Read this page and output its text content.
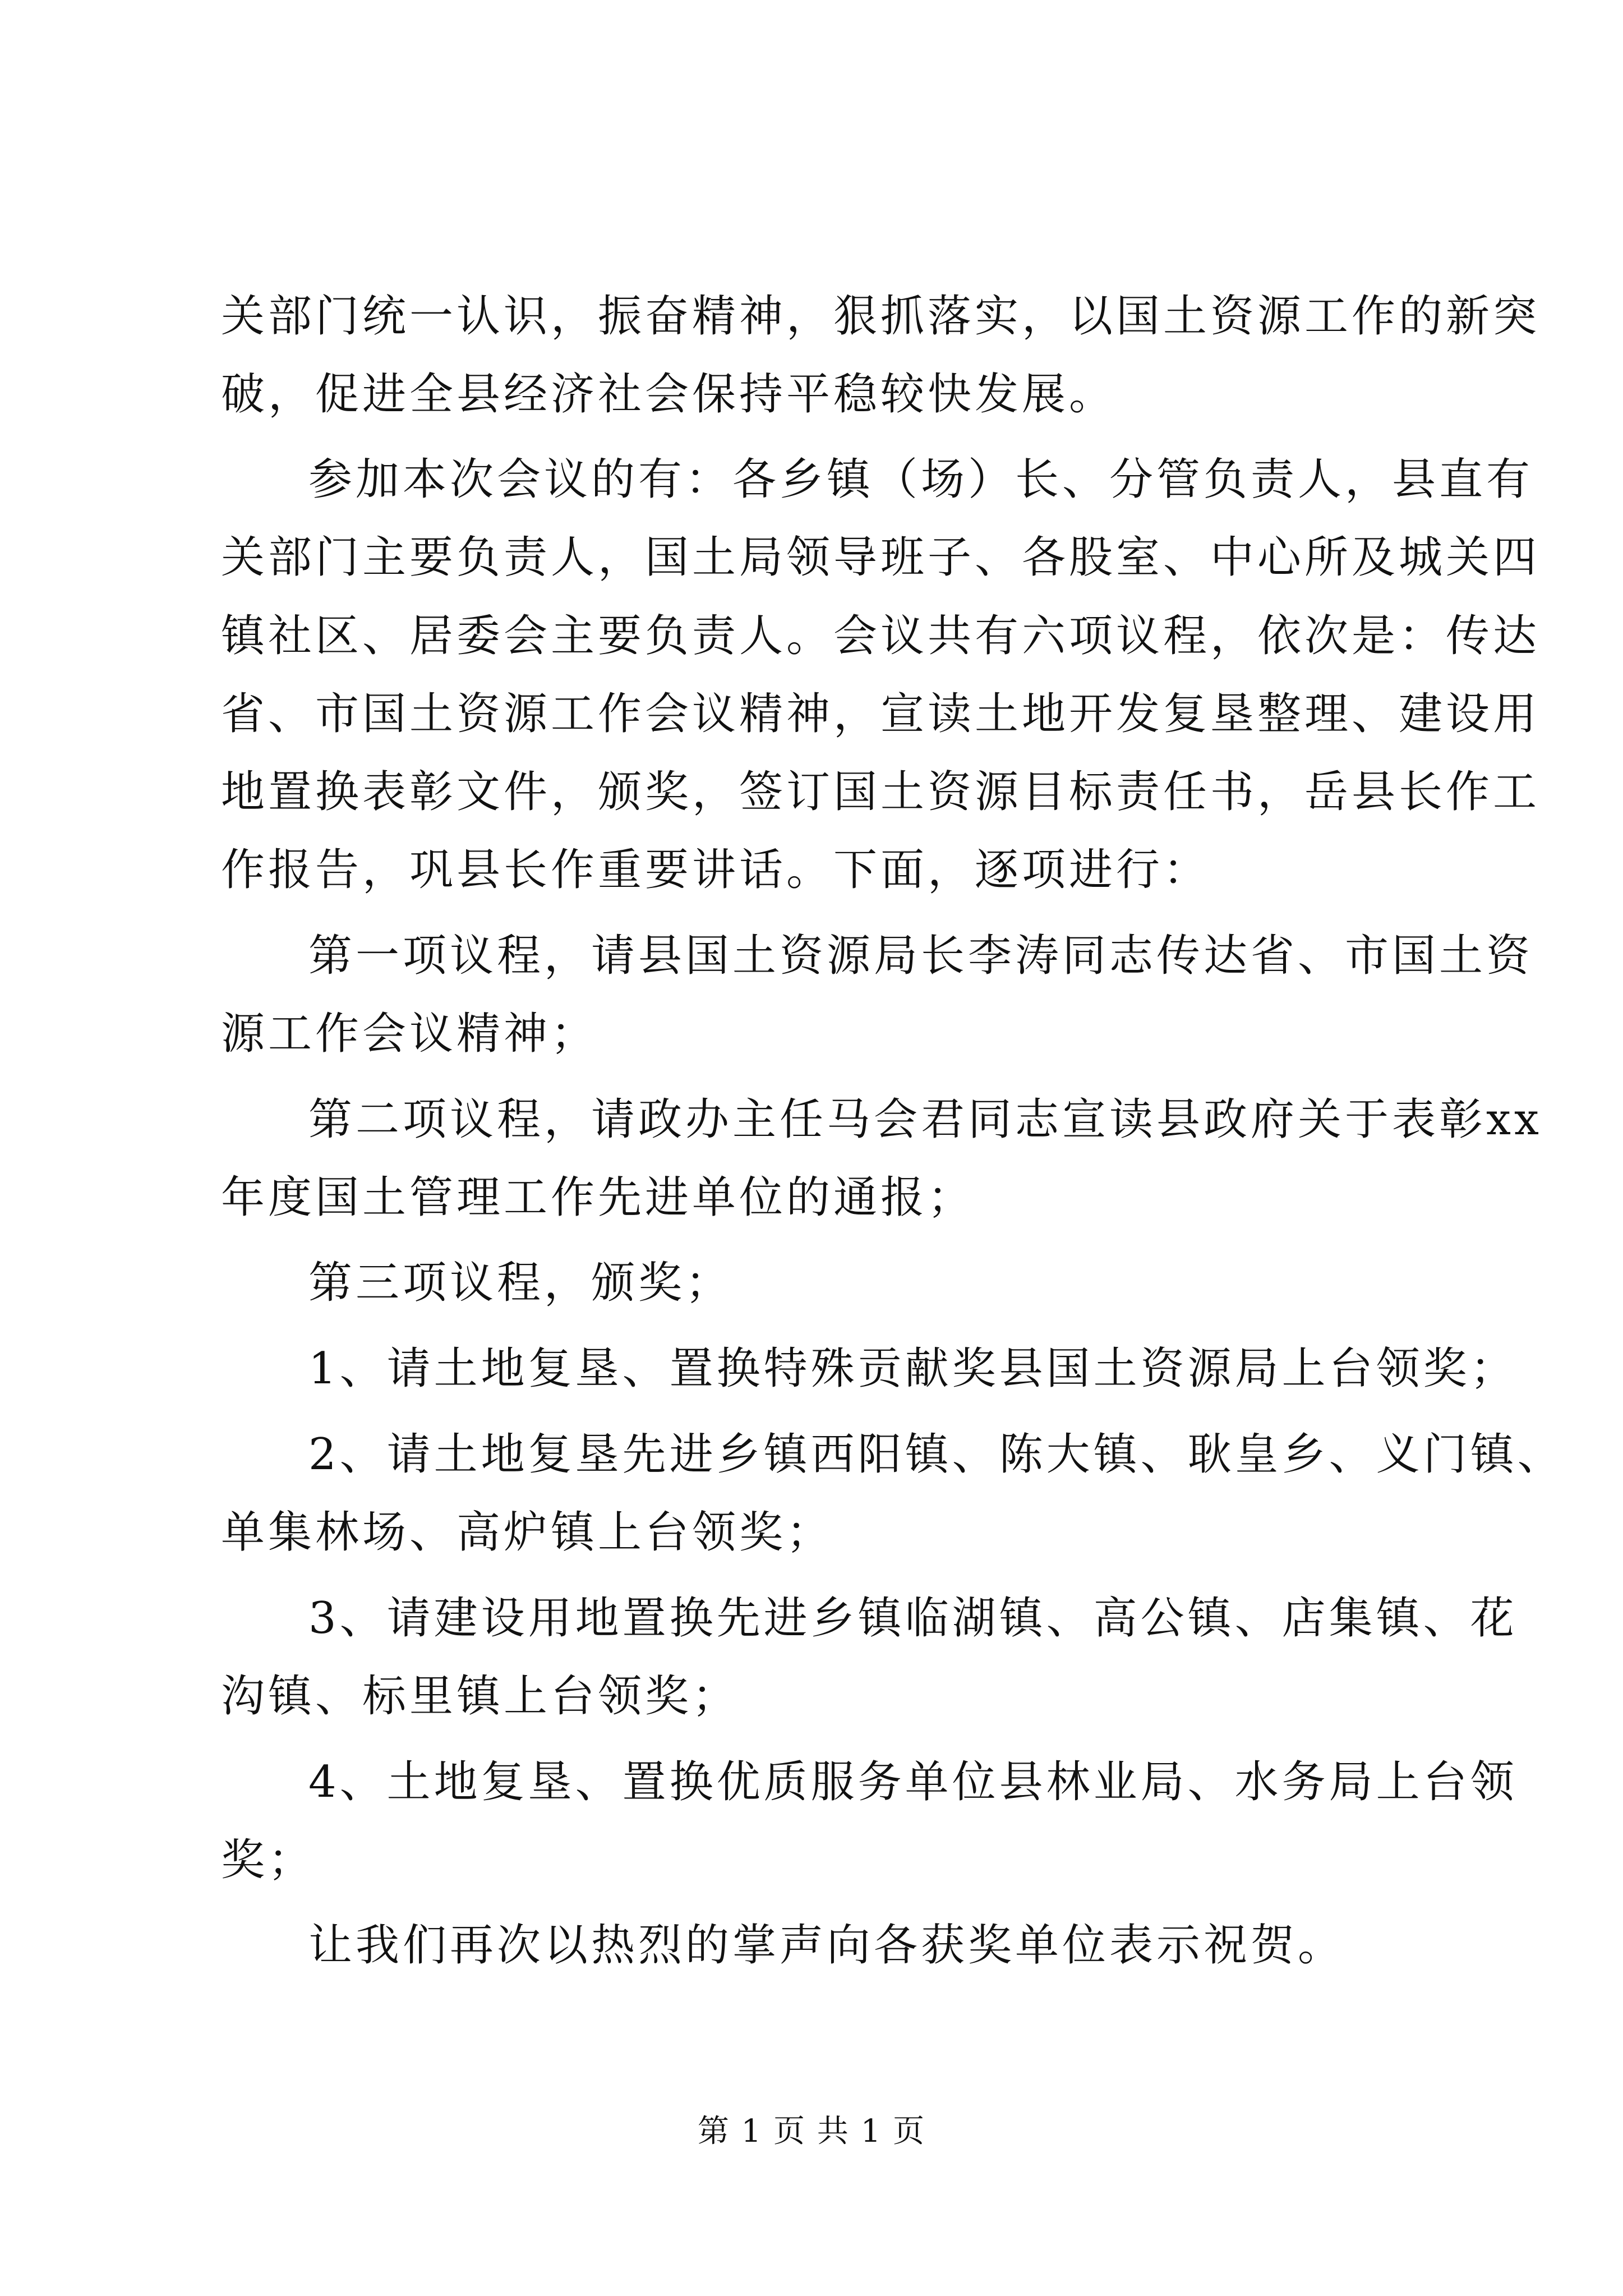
关部门统一认识，振奋精神，狠抓落实，以国土资源工作的新突
破，促进全县经济社会保持平稳较快发展。
参加本次会议的有：各乡镇（场）长、分管负责人，县直有
关部门主要负责人，国土局领导班子、各股室、中心所及城关四
镇社区、居委会主要负责人。会议共有六项议程，依次是：传达
省、市国土资源工作会议精神，宣读土地开发复垦整理、建设用
地置换表彰文件，颁奖，签订国土资源目标责任书，岳县长作工
作报告，巩县长作重要讲话。下面，逐项进行：
第一项议程，请县国土资源局长李涛同志传达省、市国土资
源工作会议精神；
第二项议程，请政办主任马会君同志宣读县政府关于表彰xx
年度国土管理工作先进单位的通报；
第三项议程，颁奖；
1、请土地复垦、置换特殊贡献奖县国土资源局上台领奖；
2、请土地复垦先进乡镇西阳镇、陈大镇、耿皇乡、义门镇、
单集林场、高炉镇上台领奖；
3、请建设用地置换先进乡镇临湖镇、高公镇、店集镇、花
沟镇、标里镇上台领奖；
4、土地复垦、置换优质服务单位县林业局、水务局上台领
奖；
让我们再次以热烈的掌声向各获奖单位表示祝贺。
第 1 页 共 1 页
